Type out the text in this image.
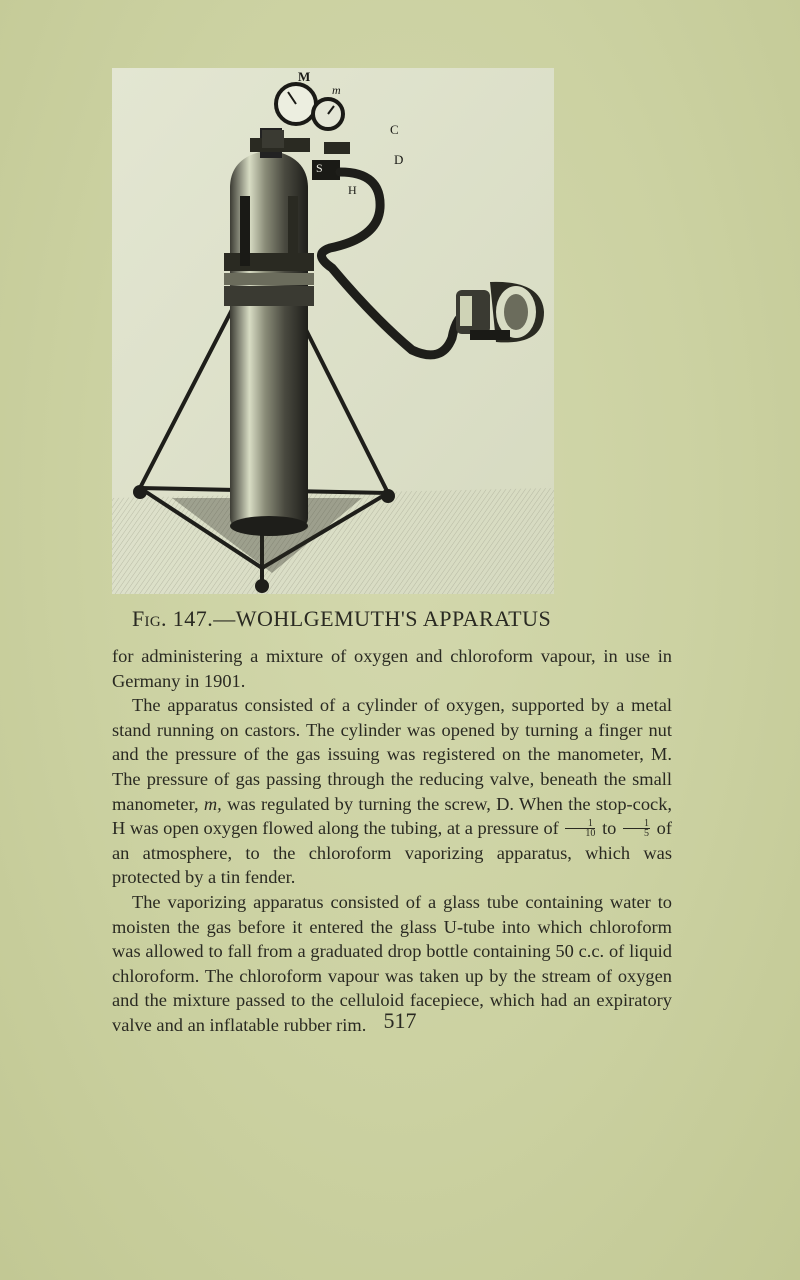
M
m
C
D
S
H
Fig. 147.—WOHLGEMUTH'S APPARATUS

for administering a mixture of oxygen and chloroform vapour, in use in Germany in 1901.

The apparatus consisted of a cylinder of oxygen, supported by a metal stand running on castors. The cylinder was opened by turning a finger nut and the pressure of the gas issuing was registered on the manometer, M. The pressure of gas passing through the reducing valve, beneath the small manometer, m, was regulated by turning the screw, D. When the stop-cock, H was open oxygen flowed along the tubing, at a pressure of $\frac{1}{10}$ to $\frac{1}{5}$ of an atmosphere, to the chloroform vaporizing apparatus, which was protected by a tin fender.

The vaporizing apparatus consisted of a glass tube containing water to moisten the gas before it entered the glass U-tube into which chloroform was allowed to fall from a graduated drop bottle containing 50 c.c. of liquid chloroform. The chloroform vapour was taken up by the stream of oxygen and the mixture passed to the celluloid facepiece, which had an expiratory valve and an inflatable rubber rim. 517
